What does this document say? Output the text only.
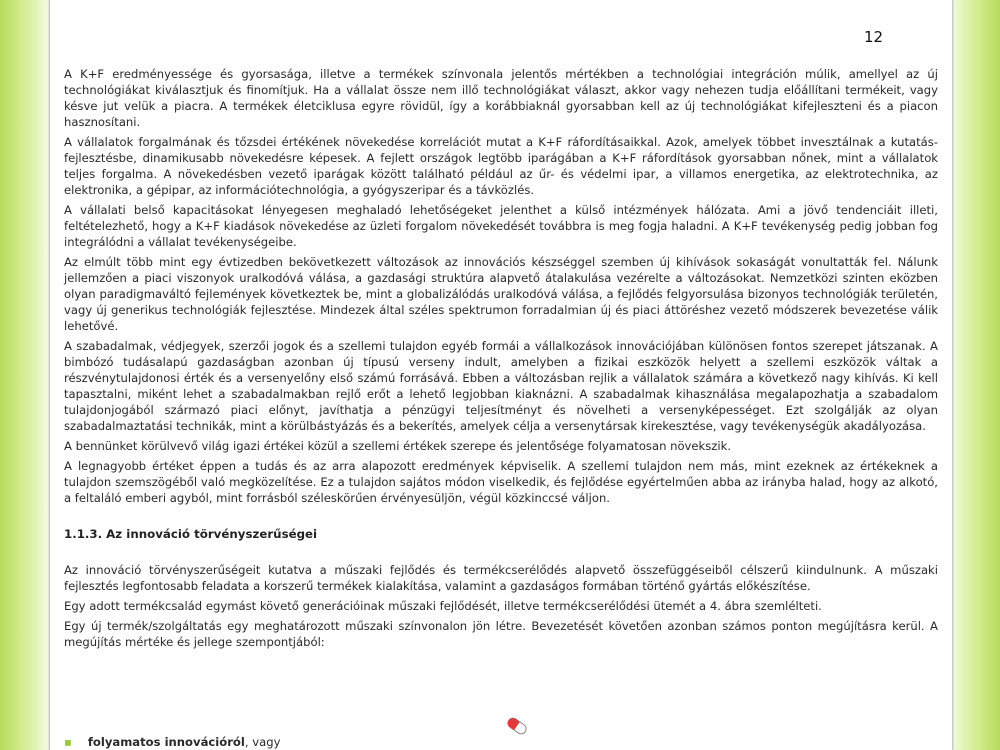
12

A K+F eredményessége és gyorsasága, illetve a termékek színvonala jelentős mértékben a technológiai integráción múlik, amellyel az új technológiákat kiválasztjuk és finomítjuk. Ha a vállalat össze nem illő technológiákat választ, akkor vagy nehezen tudja előállítani termékeit, vagy késve jut velük a piacra. A termékek életciklusa egyre rövidül, így a korábbiaknál gyorsabban kell az új technológiákat kifejleszteni és a piacon hasznosítani.

A vállalatok forgalmának és tőzsdei értékének növekedése korrelációt mutat a K+F ráfordításaikkal. Azok, amelyek többet invesztálnak a kutatás-fejlesztésbe, dinamikusabb növekedésre képesek. A fejlett országok legtöbb iparágában a K+F ráfordítások gyorsabban nőnek, mint a vállalatok teljes forgalma. A növekedésben vezető iparágak között található például az űr- és védelmi ipar, a villamos energetika, az elektrotechnika, az elektronika, a gépipar, az információtechnológia, a gyógyszeripar és a távközlés.

A vállalati belső kapacitásokat lényegesen meghaladó lehetőségeket jelenthet a külső intézmények hálózata. Ami a jövő tendenciáit illeti, feltételezhető, hogy a K+F kiadások növekedése az üzleti forgalom növekedését továbbra is meg fogja haladni. A K+F tevékenység pedig jobban fog integrálódni a vállalat tevékenységeibe.

Az elmúlt több mint egy évtizedben bekövetkezett változások az innovációs készséggel szemben új kihívások sokaságát vonultatták fel. Nálunk jellemzően a piaci viszonyok uralkodóvá válása, a gazdasági struktúra alapvető átalakulása vezérelte a változásokat. Nemzetközi szinten eközben olyan paradigmaváltó fejlemények következtek be, mint a globalizálódás uralkodóvá válása, a fejlődés felgyorsulása bizonyos technológiák területén, vagy új generikus technológiák fejlesztése. Mindezek által széles spektrumon forradalmian új és piaci áttöréshez vezető módszerek bevezetése válik lehetővé.

A szabadalmak, védjegyek, szerzői jogok és a szellemi tulajdon egyéb formái a vállalkozások innovációjában különösen fontos szerepet játszanak. A bimbózó tudásalapú gazdaságban azonban új típusú verseny indult, amelyben a fizikai eszközök helyett a szellemi eszközök váltak a részvénytulajdonosi érték és a versenyelőny első számú forrásává. Ebben a változásban rejlik a vállalatok számára a következő nagy kihívás. Ki kell tapasztalni, miként lehet a szabadalmakban rejlő erőt a lehető legjobban kiaknázni. A szabadalmak kihasználása megalapozhatja a szabadalom tulajdonjogából származó piaci előnyt, javíthatja a pénzügyi teljesítményt és növelheti a versenyképességet. Ezt szolgálják az olyan szabadalmaztatási technikák, mint a körülbástyázás és a bekerítés, amelyek célja a versenytársak kirekesztése, vagy tevékenységük akadályozása.

A bennünket körülvevő világ igazi értékei közül a szellemi értékek szerepe és jelentősége folyamatosan növekszik.

A legnagyobb értéket éppen a tudás és az arra alapozott eredmények képviselik. A szellemi tulajdon nem más, mint ezeknek az értékeknek a tulajdon szemszögéből való megközelítése. Ez a tulajdon sajátos módon viselkedik, és fejlődése egyértelműen abba az irányba halad, hogy az alkotó, a feltaláló emberi agyból, mint forrásból széleskörűen érvényesüljön, végül közkinccsé váljon.

1.1.3. Az innováció törvényszerűségei

Az innováció törvényszerűségeit kutatva a műszaki fejlődés és termékcserélődés alapvető összefüggéseiből célszerű kiindulnunk. A műszaki fejlesztés legfontosabb feladata a korszerű termékek kialakítása, valamint a gazdaságos formában történő gyártás előkészítése.

Egy adott termékcsalád egymást követő generációinak műszaki fejlődését, illetve termékcserélődési ütemét a 4. ábra szemlélteti.

Egy új termék/szolgáltatás egy meghatározott műszaki színvonalon jön létre. Bevezetését követően azonban számos ponton megújításra kerül. A megújítás mértéke és jellege szempontjából:

▪ folyamatos innovációról, vagy
